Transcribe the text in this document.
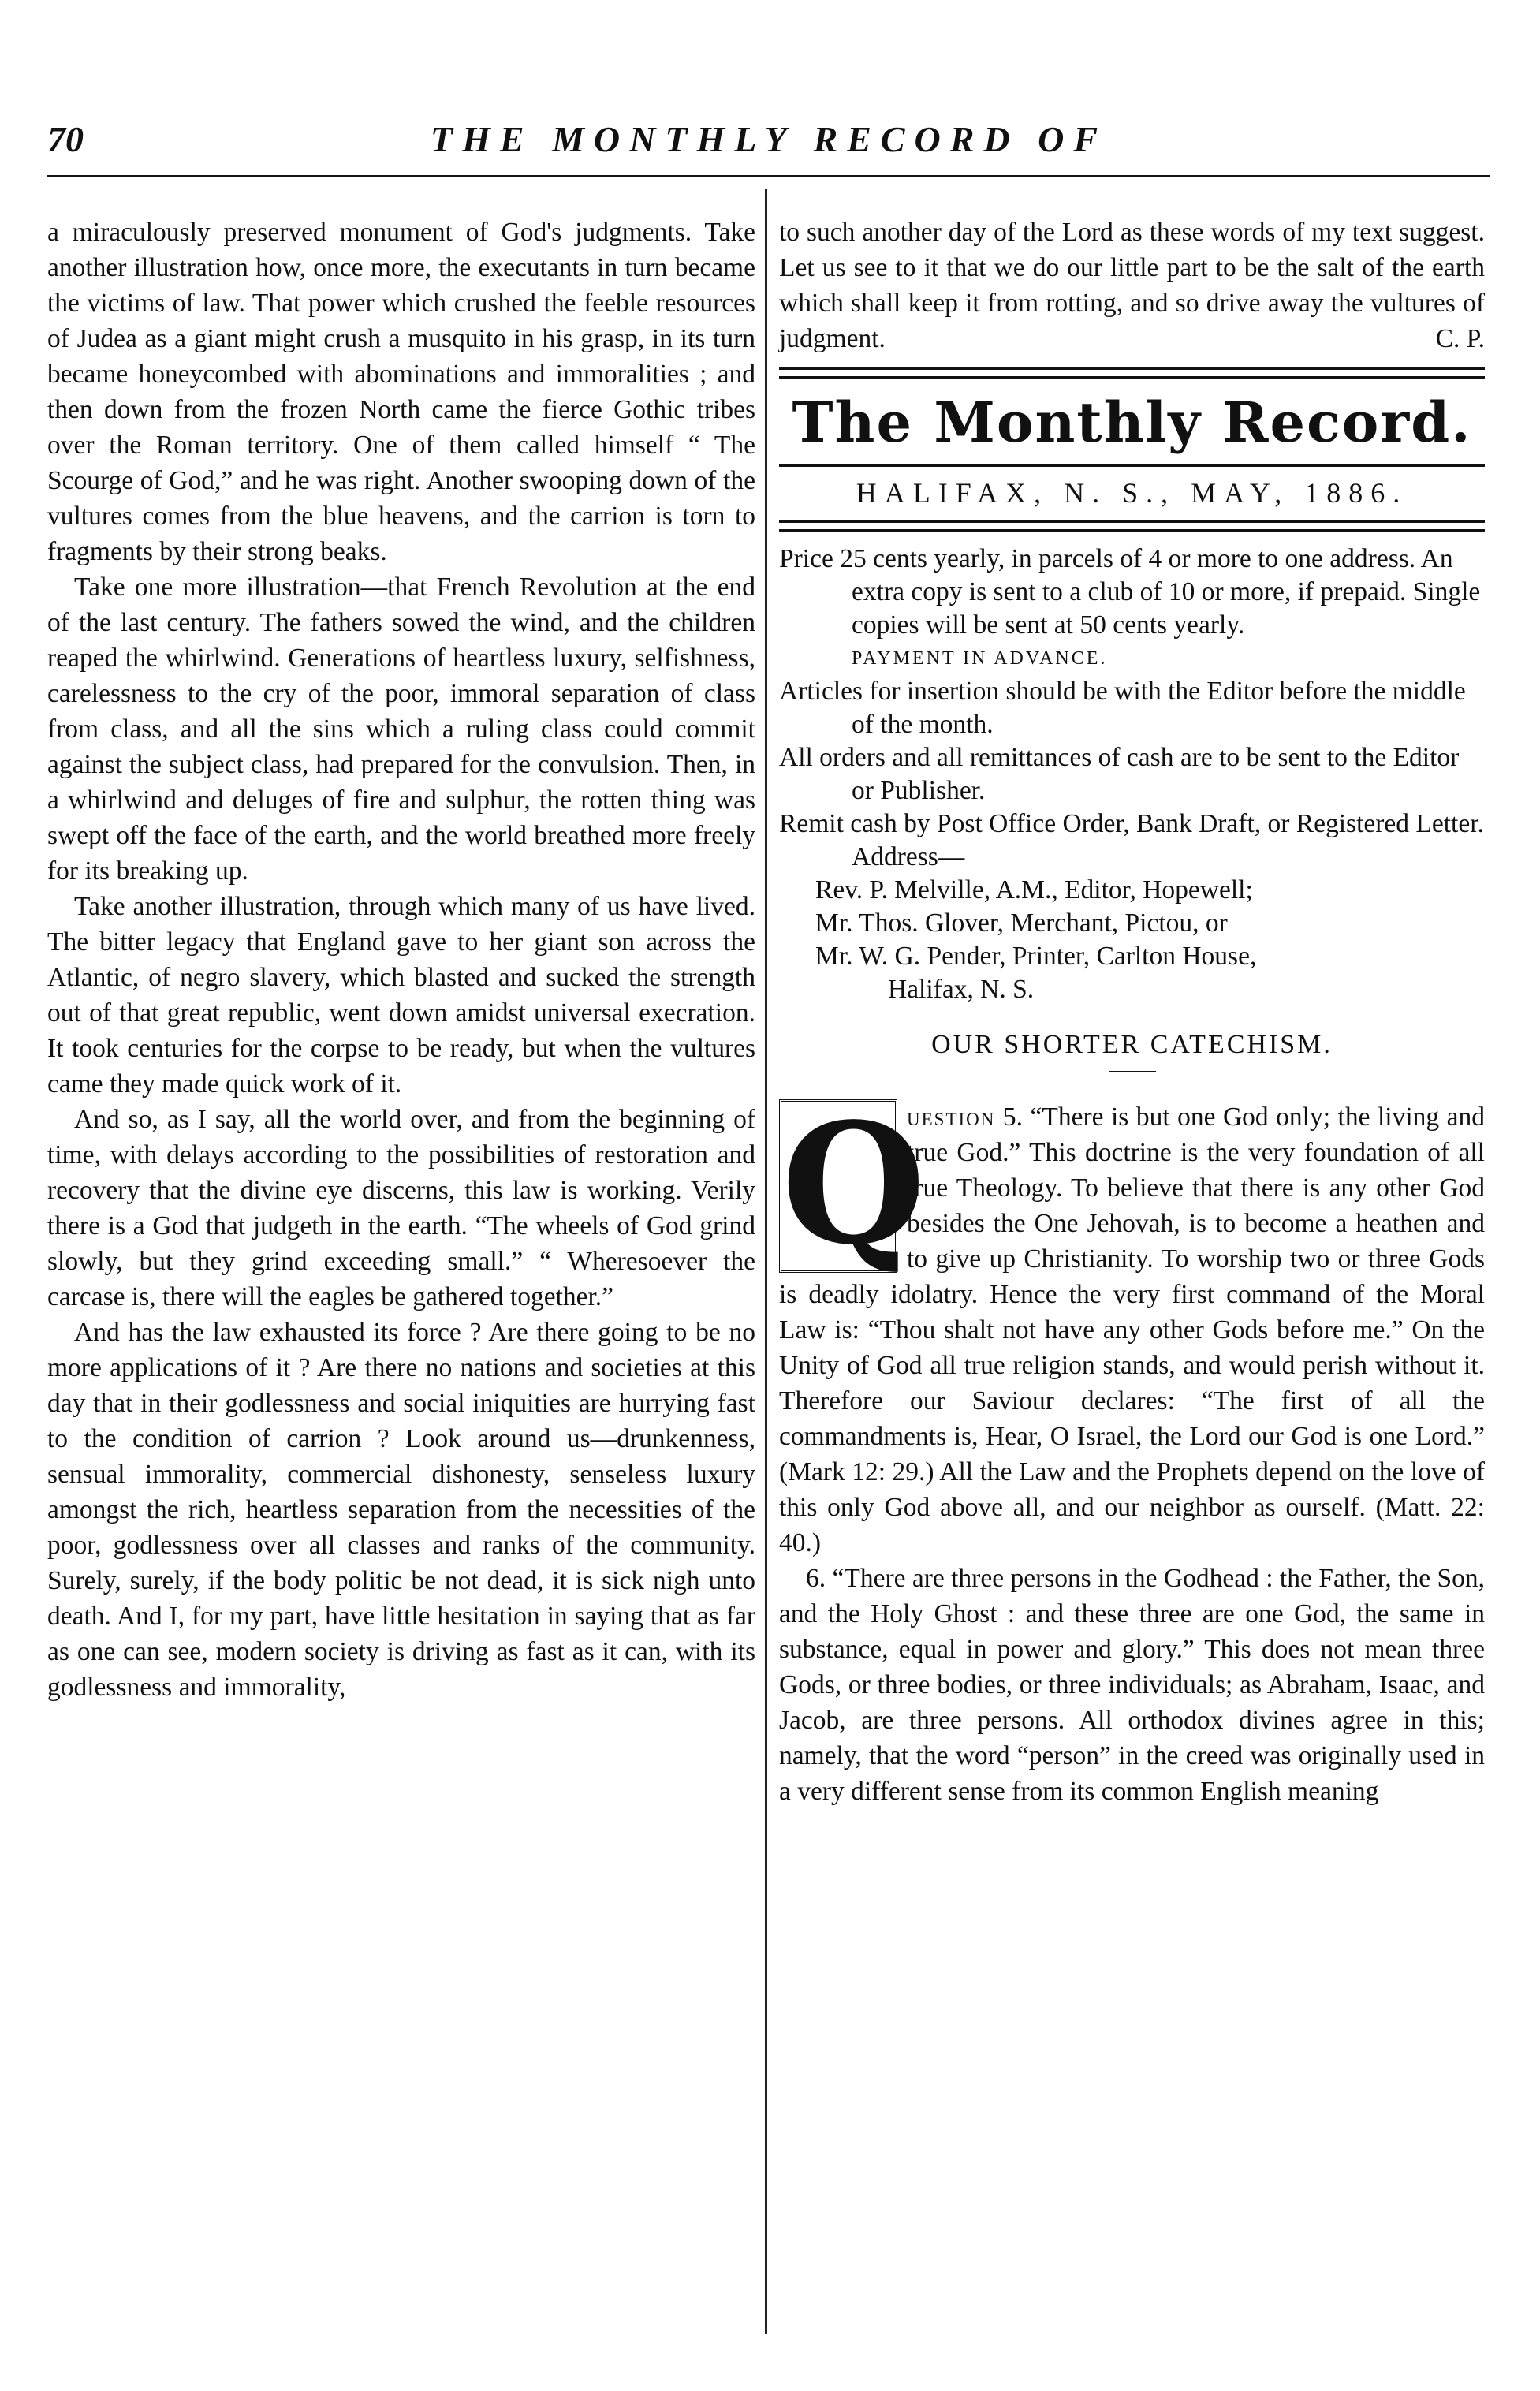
70	THE MONTHLY RECORD OF

a miraculously preserved monument of God's judgments. Take another illustration how, once more, the executants in turn became the victims of law. That power which crushed the feeble resources of Judea as a giant might crush a musquito in his grasp, in its turn became honeycombed with abominations and immoralities ; and then down from the frozen North came the fierce Gothic tribes over the Roman territory. One of them called himself “ The Scourge of God,” and he was right. Another swooping down of the vultures comes from the blue heavens, and the carrion is torn to fragments by their strong beaks.

Take one more illustration—that French Revolution at the end of the last century. The fathers sowed the wind, and the children reaped the whirlwind. Generations of heartless luxury, selfishness, carelessness to the cry of the poor, immoral separation of class from class, and all the sins which a ruling class could commit against the subject class, had prepared for the convulsion. Then, in a whirlwind and deluges of fire and sulphur, the rotten thing was swept off the face of the earth, and the world breathed more freely for its breaking up.

Take another illustration, through which many of us have lived. The bitter legacy that England gave to her giant son across the Atlantic, of negro slavery, which blasted and sucked the strength out of that great republic, went down amidst universal execration. It took centuries for the corpse to be ready, but when the vultures came they made quick work of it.

And so, as I say, all the world over, and from the beginning of time, with delays according to the possibilities of restoration and recovery that the divine eye discerns, this law is working. Verily there is a God that judgeth in the earth. “The wheels of God grind slowly, but they grind exceeding small.” “ Wheresoever the carcase is, there will the eagles be gathered together.”

And has the law exhausted its force ? Are there going to be no more applications of it ? Are there no nations and societies at this day that in their godlessness and social iniquities are hurrying fast to the condition of carrion ? Look around us—drunkenness, sensual immorality, commercial dishonesty, senseless luxury amongst the rich, heartless separation from the necessities of the poor, godlessness over all classes and ranks of the community. Surely, surely, if the body politic be not dead, it is sick nigh unto death. And I, for my part, have little hesitation in saying that as far as one can see, modern society is driving as fast as it can, with its godlessness and immorality,

to such another day of the Lord as these words of my text suggest. Let us see to it that we do our little part to be the salt of the earth which shall keep it from rotting, and so drive away the vultures of judgment.	C. P.
The Monthly Record.
HALIFAX, N. S., MAY, 1886.

Price 25 cents yearly, in parcels of 4 or more to one address. An extra copy is sent to a club of 10 or more, if prepaid. Single copies will be sent at 50 cents yearly.

PAYMENT IN ADVANCE.

Articles for insertion should be with the Editor before the middle of the month.

All orders and all remittances of cash are to be sent to the Editor or Publisher.

Remit cash by Post Office Order, Bank Draft, or Registered Letter. Address—

Rev. P. Melville, A.M., Editor, Hopewell;
Mr. Thos. Glover, Merchant, Pictou, or
Mr. W. G. Pender, Printer, Carlton House,
Halifax, N. S.
OUR SHORTER CATECHISM.
Q

uestion 5. “There is but one God only; the living and true God.” This doctrine is the very foundation of all true Theology. To believe that there is any other God besides the One Jehovah, is to become a heathen and to give up Christianity. To worship two or three Gods is deadly idolatry. Hence the very first command of the Moral Law is: “Thou shalt not have any other Gods before me.” On the Unity of God all true religion stands, and would perish without it. Therefore our Saviour declares: “The first of all the commandments is, Hear, O Israel, the Lord our God is one Lord.” (Mark 12: 29.) All the Law and the Prophets depend on the love of this only God above all, and our neighbor as ourself. (Matt. 22: 40.)

6. “There are three persons in the Godhead : the Father, the Son, and the Holy Ghost : and these three are one God, the same in substance, equal in power and glory.” This does not mean three Gods, or three bodies, or three individuals; as Abraham, Isaac, and Jacob, are three persons. All orthodox divines agree in this; namely, that the word “person” in the creed was originally used in a very different sense from its common English meaning
